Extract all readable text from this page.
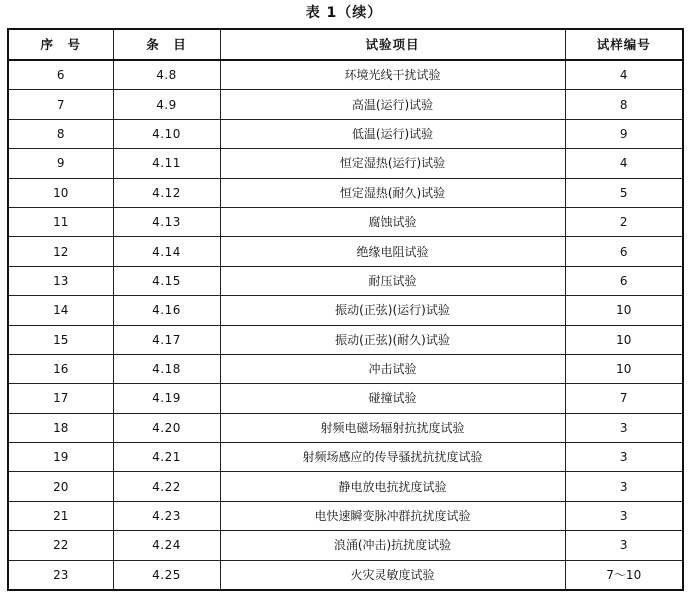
表 1（续）
序　号	条　目	试验项目	试样编号
6	4.8	环境光线干扰试验	4
7	4.9	高温(运行)试验	8
8	4.10	低温(运行)试验	9
9	4.11	恒定湿热(运行)试验	4
10	4.12	恒定湿热(耐久)试验	5
11	4.13	腐蚀试验	2
12	4.14	绝缘电阻试验	6
13	4.15	耐压试验	6
14	4.16	振动(正弦)(运行)试验	10
15	4.17	振动(正弦)(耐久)试验	10
16	4.18	冲击试验	10
17	4.19	碰撞试验	7
18	4.20	射频电磁场辐射抗扰度试验	3
19	4.21	射频场感应的传导骚扰抗扰度试验	3
20	4.22	静电放电抗扰度试验	3
21	4.23	电快速瞬变脉冲群抗扰度试验	3
22	4.24	浪涌(冲击)抗扰度试验	3
23	4.25	火灾灵敏度试验	7～10
